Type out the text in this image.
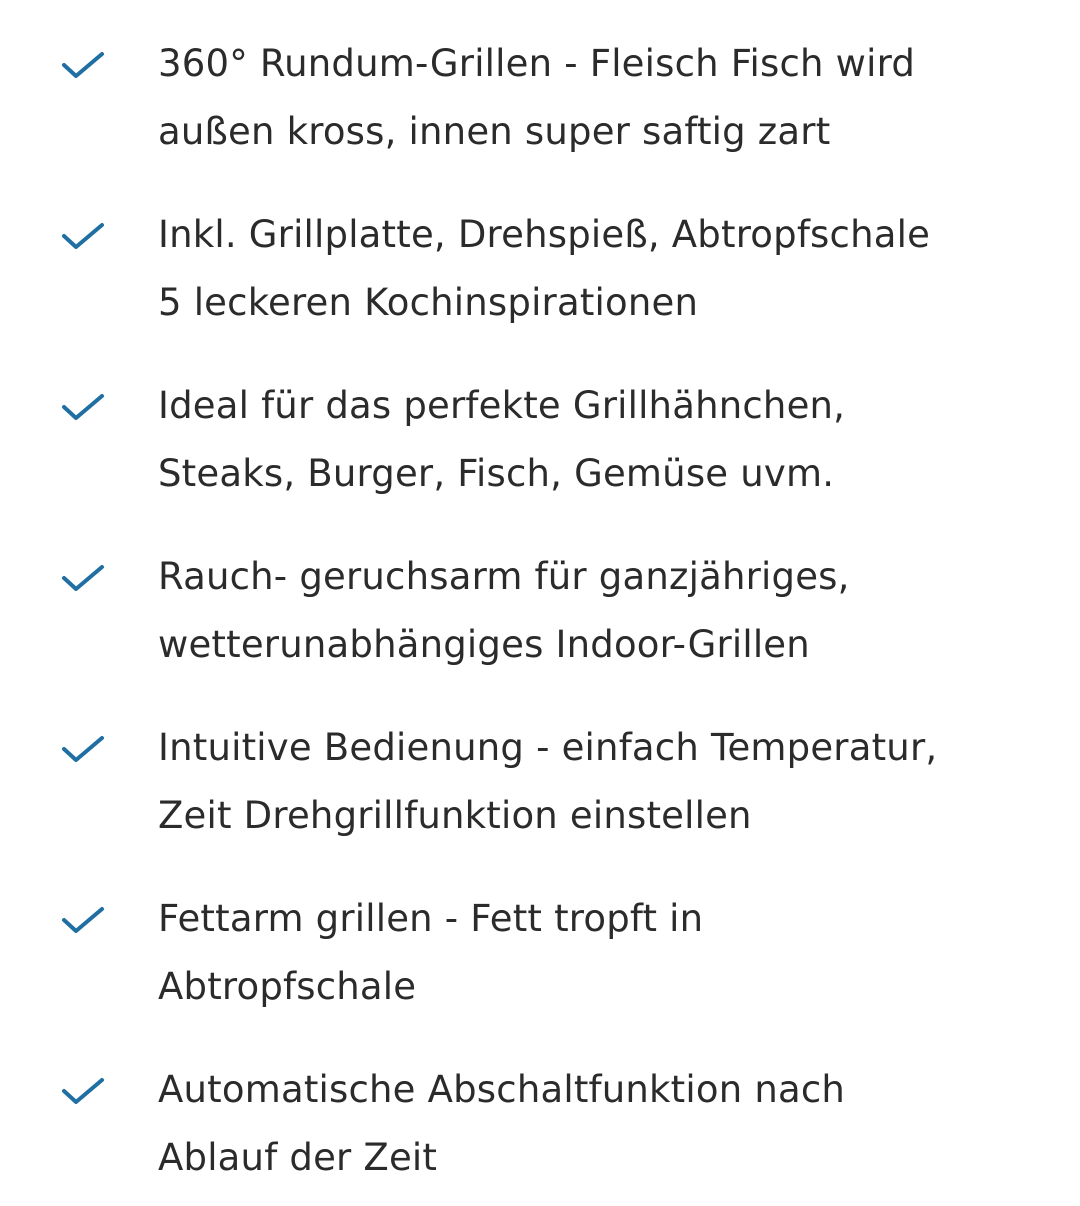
360° Rundum-Grillen - Fleisch Fisch wird
außen kross, innen super saftig zart
Inkl. Grillplatte, Drehspieß, Abtropfschale
5 leckeren Kochinspirationen
Ideal für das perfekte Grillhähnchen,
Steaks, Burger, Fisch, Gemüse uvm.
Rauch- geruchsarm für ganzjähriges,
wetterunabhängiges Indoor-Grillen
Intuitive Bedienung - einfach Temperatur,
Zeit Drehgrillfunktion einstellen
Fettarm grillen - Fett tropft in
Abtropfschale
Automatische Abschaltfunktion nach
Ablauf der Zeit
